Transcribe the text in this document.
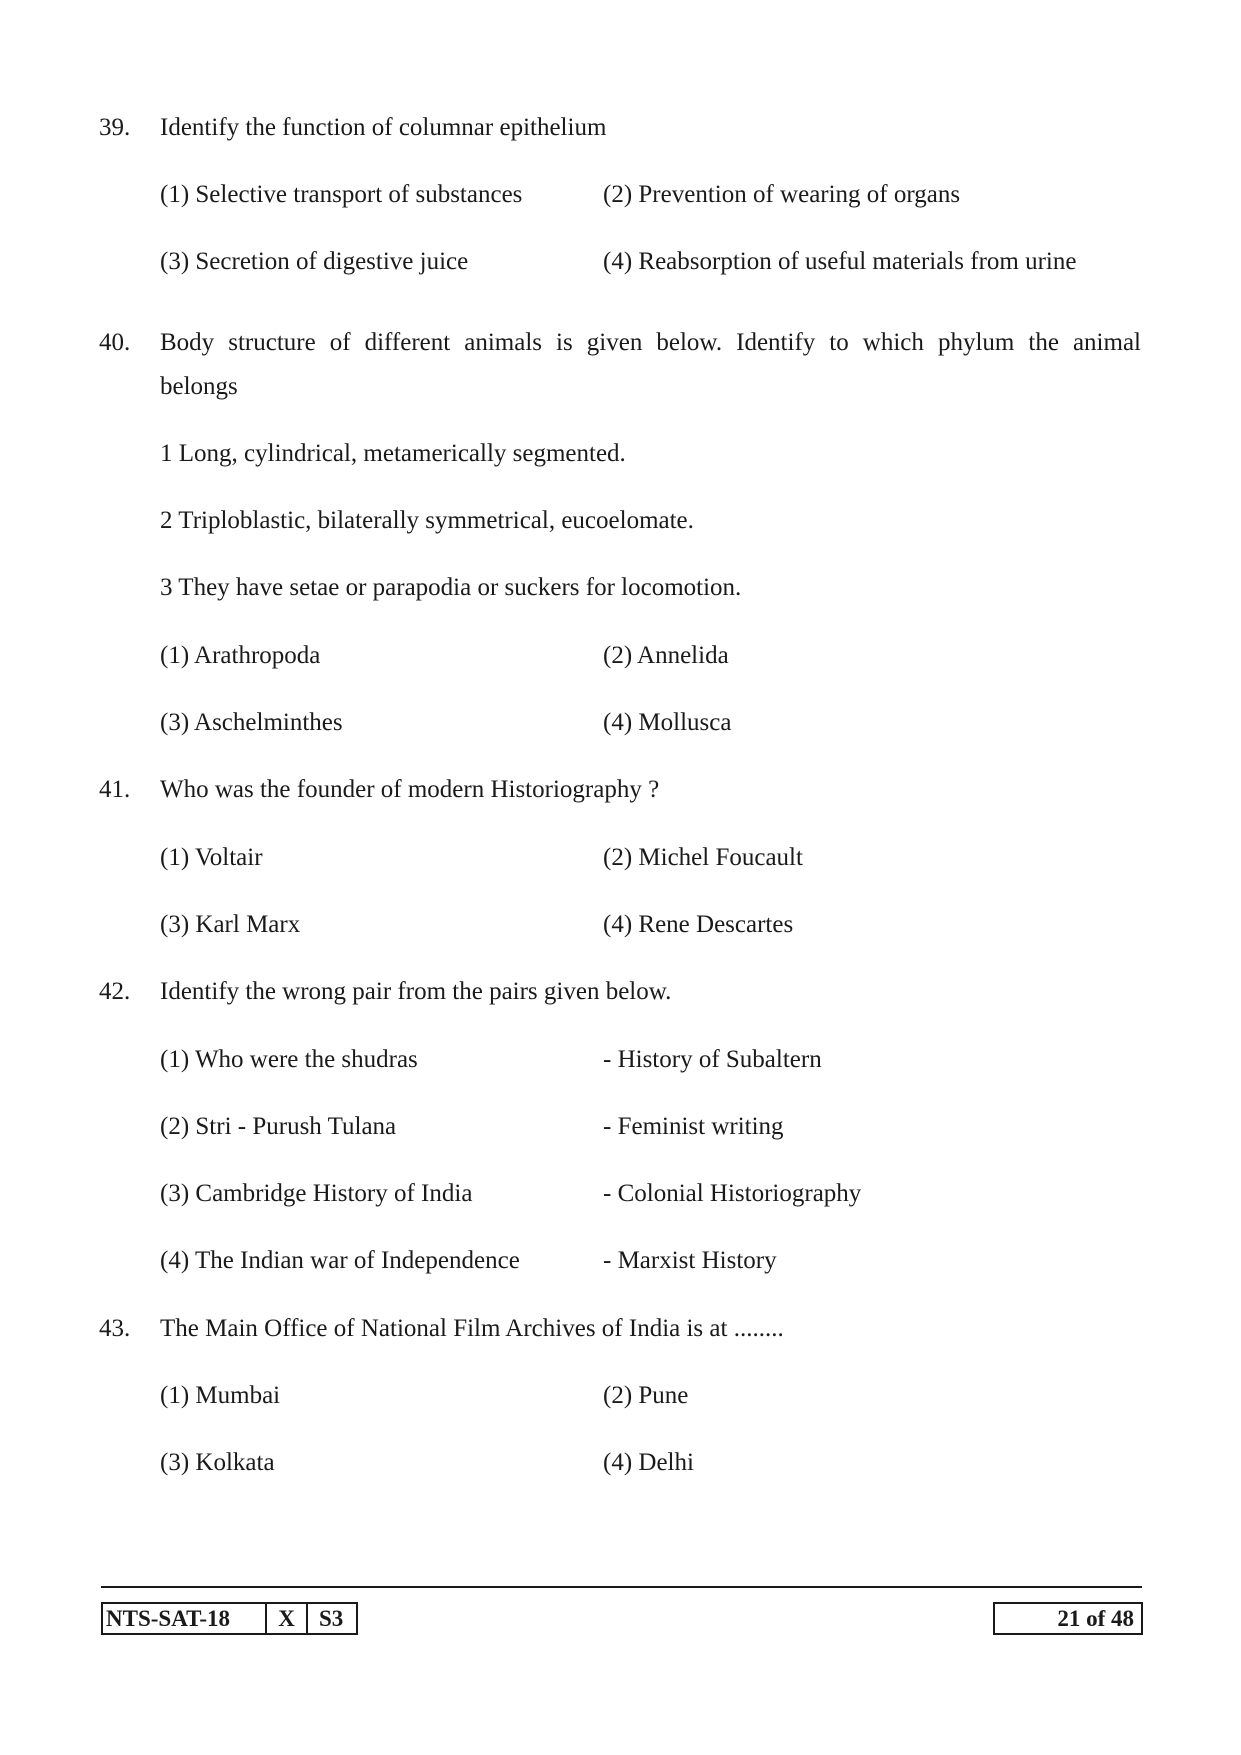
39. Identify the function of columnar epithelium

(1) Selective transport of substances	(2) Prevention of wearing of organs

(3) Secretion of digestive juice	(4) Reabsorption of useful materials from urine

40. Body structure of different animals is given below. Identify to which phylum the animal

belongs

1 Long, cylindrical, metamerically segmented.

2 Triploblastic, bilaterally symmetrical, eucoelomate.

3 They have setae or parapodia or suckers for locomotion.

(1) Arathropoda	(2) Annelida

(3) Aschelminthes	(4) Mollusca

41. Who was the founder of modern Historiography ?

(1) Voltair	(2) Michel Foucault

(3) Karl Marx	(4) Rene Descartes

42. Identify the wrong pair from the pairs given below.

(1) Who were the shudras	- History of Subaltern

(2) Stri - Purush Tulana	- Feminist writing

(3) Cambridge History of India	- Colonial Historiography

(4) The Indian war of Independence	- Marxist History

43. The Main Office of National Film Archives of India is at ........

(1) Mumbai	(2) Pune

(3) Kolkata	(4) Delhi

NTS-SAT-18	X	S3	21 of 48
